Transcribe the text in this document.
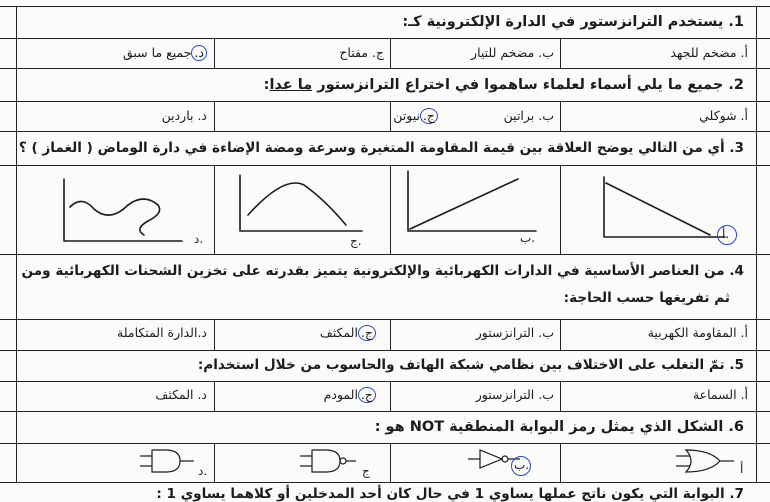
1. يستخدم الترانزستور في الدارة الإلكترونية كـ:
أ. مضخم للجهد
ب. مضخم للتيار
ج. مفتاح
د.جميع ما سبق
2. جميع ما يلي أسماء لعلماء ساهموا في اختراع الترانزستور ما عدا:
أ. شوكلي
ب. براتين
ج.نيوتن
د. باردين
3. أي من التالي يوضح العلاقة بين قيمة المقاومة المتغيرة وسرعة ومضة الإضاءة في دارة الوماض ( الغماز ) ؟
أ.
ب.
ج.
د.
4. من العناصر الأساسية في الدارات الكهربائية والإلكترونية يتميز بقدرته على تخزين الشحنات الكهربائية ومن
ثم تفريغها حسب الحاجة:
أ. المقاومة الكهربية
ب. الترانزستور
ج.المكثف
د.الدارة المتكاملة
5. تمّ التغلب على الاختلاف بين نظامي شبكة الهاتف والحاسوب من خلال استخدام:
أ. السماعة
ب. الترانزستور
ج.المودم
د. المكثف
6. الشكل الذي يمثل رمز البوابة المنطقية NOT هو :
أ
ب.
ج
د.
7. البوابة التي يكون ناتج عملها يساوي 1 في حال كان أحد المدخلين أو كلاهما يساوي 1 :
